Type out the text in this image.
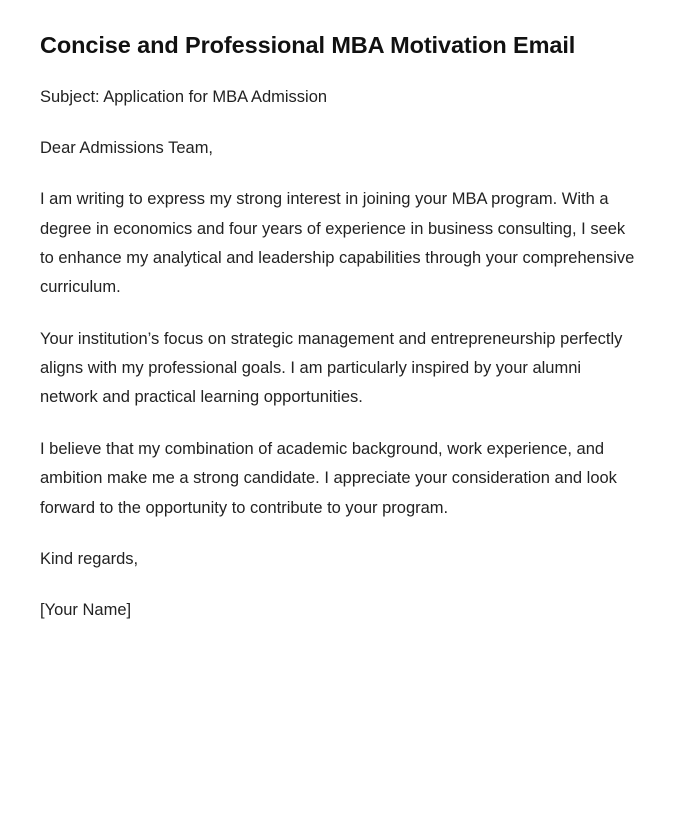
Concise and Professional MBA Motivation Email

Subject: Application for MBA Admission

Dear Admissions Team,

I am writing to express my strong interest in joining your MBA program. With a degree in economics and four years of experience in business consulting, I seek to enhance my analytical and leadership capabilities through your comprehensive curriculum.

Your institution’s focus on strategic management and entrepreneurship perfectly aligns with my professional goals. I am particularly inspired by your alumni network and practical learning opportunities.

I believe that my combination of academic background, work experience, and ambition make me a strong candidate. I appreciate your consideration and look forward to the opportunity to contribute to your program.

Kind regards,

[Your Name]
